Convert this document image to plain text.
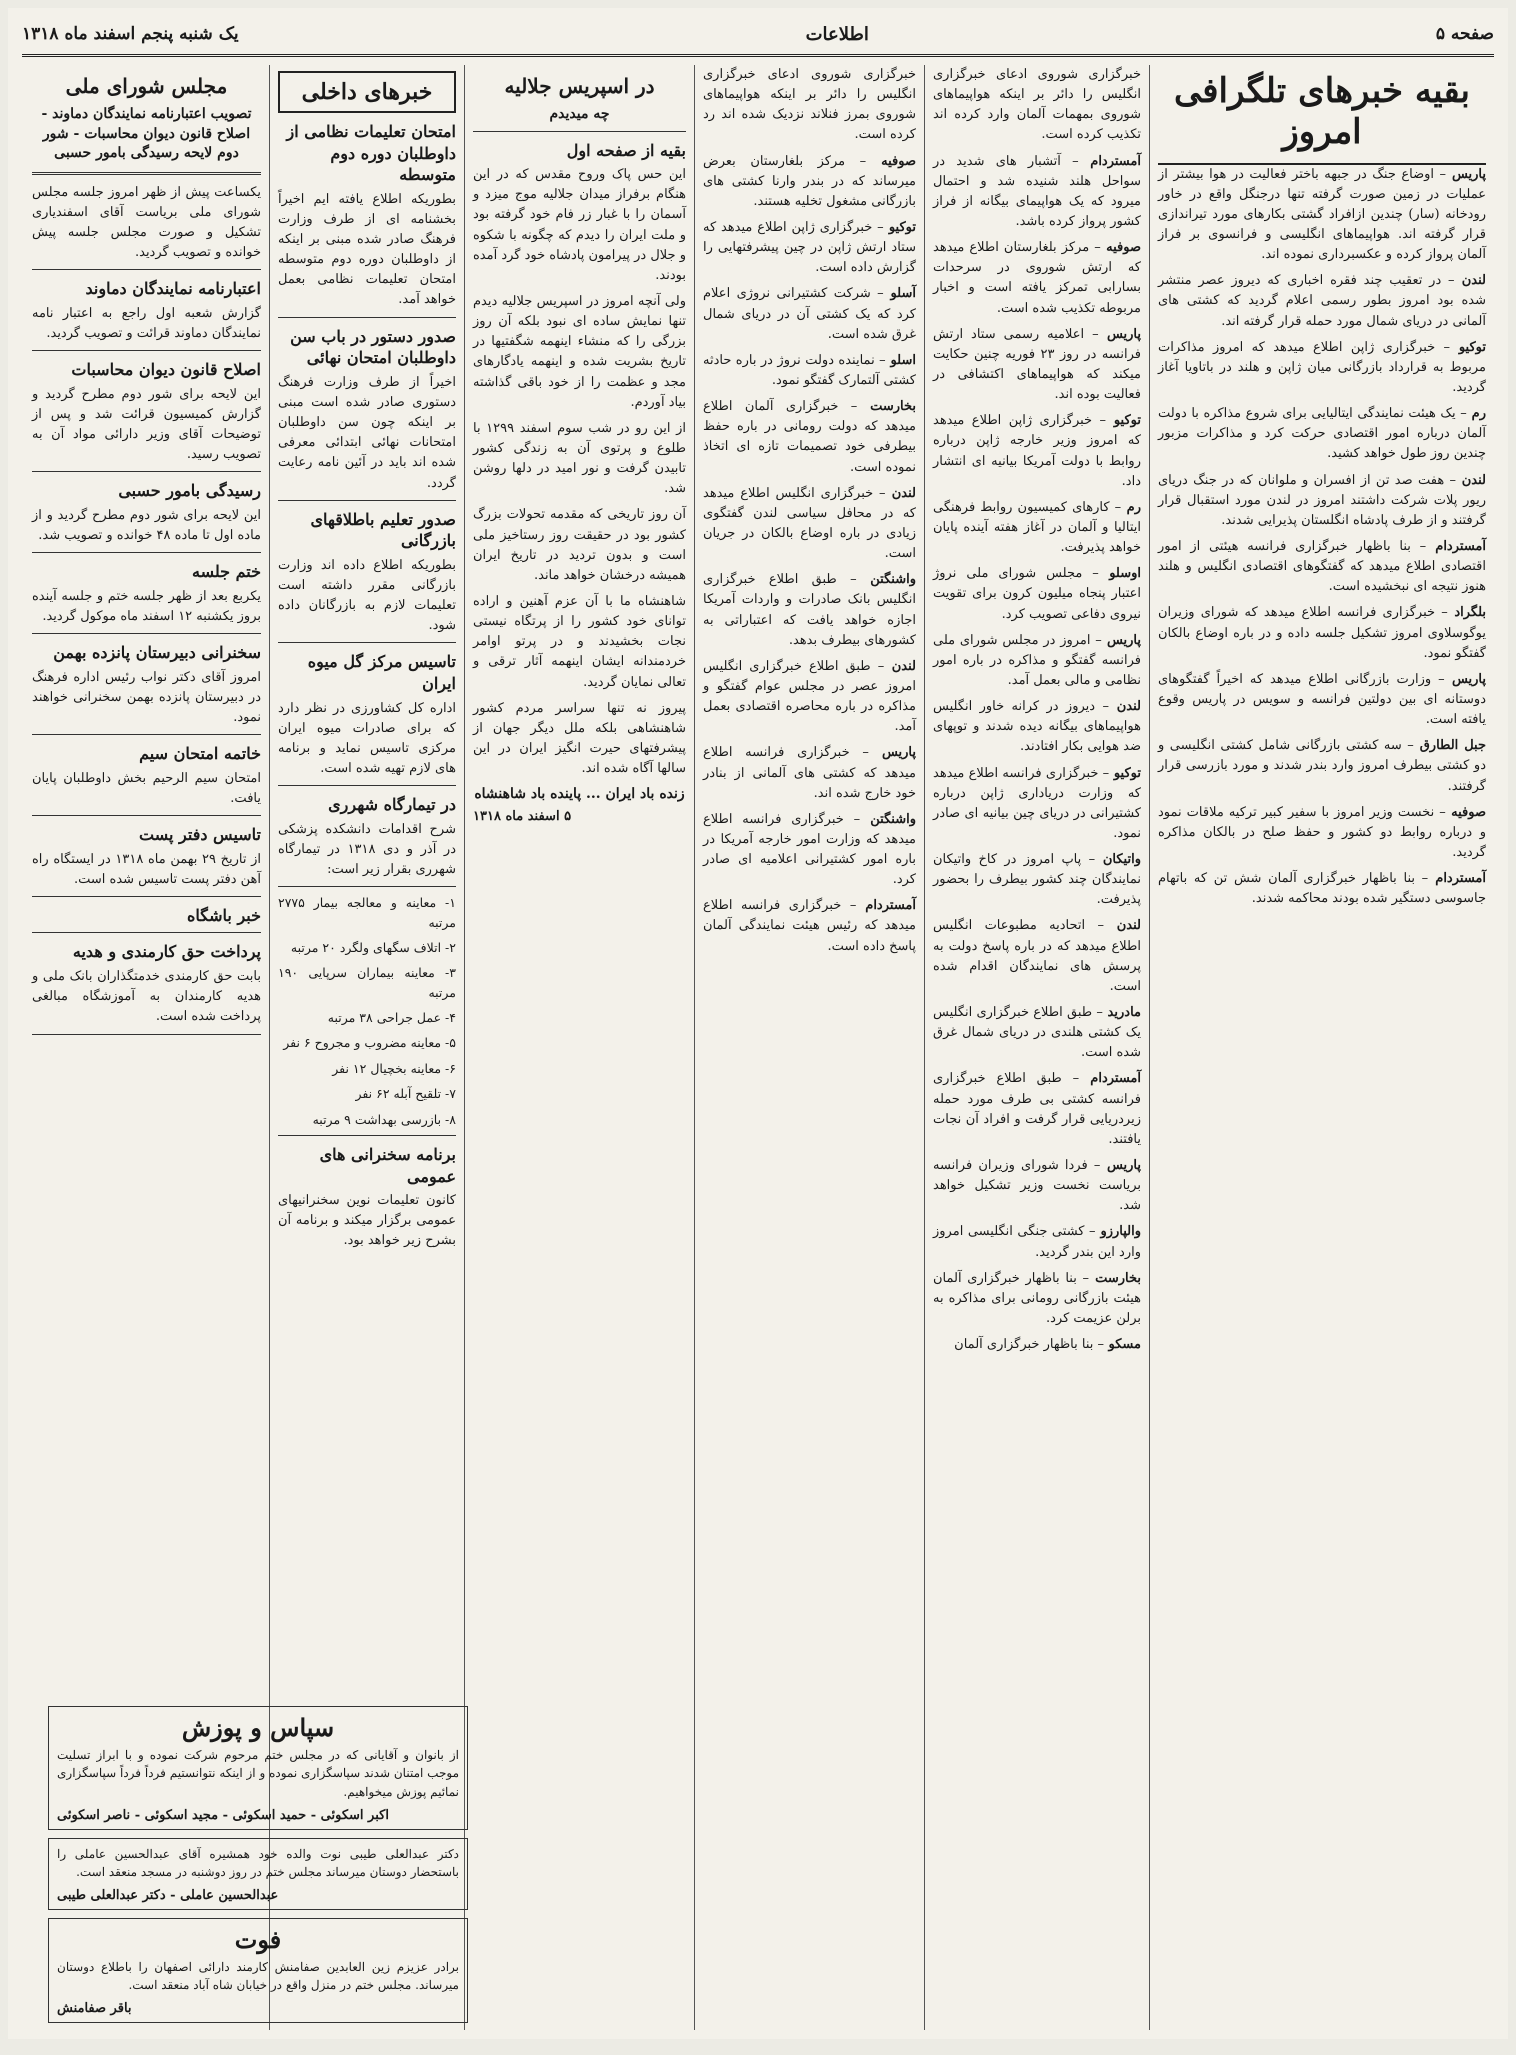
صفحه ۵
اطلاعات
یک شنبه پنجم اسفند ماه ۱۳۱۸
بقیه خبرهای تلگرافی امروز

پاریس – اوضاع جنگ در جبهه باختر فعالیت در هوا بیشتر از عملیات در زمین صورت گرفته تنها درجنگل واقع در خاور رودخانه (سار) چندین ازافراد گشتی بکارهای مورد تیراندازی قرار گرفته اند. هواپیماهای انگلیسی و فرانسوی بر فراز آلمان پرواز کرده و عکسبرداری نموده اند.

لندن – در تعقیب چند فقره اخباری که دیروز عصر منتشر شده بود امروز بطور رسمی اعلام گردید که کشتی های آلمانی در دریای شمال مورد حمله قرار گرفته اند.

توکیو – خبرگزاری ژاپن اطلاع میدهد که امروز مذاکرات مربوط به قرارداد بازرگانی میان ژاپن و هلند در باتاویا آغاز گردید.

رم – یک هیئت نمایندگی ایتالیایی برای شروع مذاکره با دولت آلمان درباره امور اقتصادی حرکت کرد و مذاکرات مزبور چندین روز طول خواهد کشید.

لندن – هفت صد تن از افسران و ملوانان که در جنگ دریای ریور پلات شرکت داشتند امروز در لندن مورد استقبال قرار گرفتند و از طرف پادشاه انگلستان پذیرایی شدند.

آمستردام – بنا باظهار خبرگزاری فرانسه هیئتی از امور اقتصادی اطلاع میدهد که گفتگوهای اقتصادی انگلیس و هلند هنوز نتیجه ای نبخشیده است.

بلگراد – خبرگزاری فرانسه اطلاع میدهد که شورای وزیران یوگوسلاوی امروز تشکیل جلسه داده و در باره اوضاع بالکان گفتگو نمود.

پاریس – وزارت بازرگانی اطلاع میدهد که اخیراً گفتگوهای دوستانه ای بین دولتین فرانسه و سویس در پاریس وقوع یافته است.

جبل الطارق – سه کشتی بازرگانی شامل کشتی انگلیسی و دو کشتی بیطرف امروز وارد بندر شدند و مورد بازرسی قرار گرفتند.

صوفیه – نخست وزیر امروز با سفیر کبیر ترکیه ملاقات نمود و درباره روابط دو کشور و حفظ صلح در بالکان مذاکره گردید.

آمستردام – بنا باظهار خبرگزاری آلمان شش تن که باتهام جاسوسی دستگیر شده بودند محاکمه شدند.

خبرگزاری شوروی ادعای خبرگزاری انگلیس را دائر بر اینکه هواپیماهای شوروی بمهمات آلمان وارد کرده اند تکذیب کرده است.

آمستردام – آتشبار های شدید در سواحل هلند شنیده شد و احتمال میرود که یک هواپیمای بیگانه از فراز کشور پرواز کرده باشد.

صوفیه – مرکز بلغارستان اطلاع میدهد که ارتش شوروی در سرحدات بسارابی تمرکز یافته است و اخبار مربوطه تکذیب شده است.

پاریس – اعلامیه رسمی ستاد ارتش فرانسه در روز ۲۳ فوریه چنین حکایت میکند که هواپیماهای اکتشافی در فعالیت بوده اند.

توکیو – خبرگزاری ژاپن اطلاع میدهد که امروز وزیر خارجه ژاپن درباره روابط با دولت آمریکا بیانیه ای انتشار داد.

رم – کارهای کمیسیون روابط فرهنگی ایتالیا و آلمان در آغاز هفته آینده پایان خواهد پذیرفت.

اوسلو – مجلس شورای ملی نروژ اعتبار پنجاه میلیون کرون برای تقویت نیروی دفاعی تصویب کرد.

پاریس – امروز در مجلس شورای ملی فرانسه گفتگو و مذاکره در باره امور نظامی و مالی بعمل آمد.

لندن – دیروز در کرانه خاور انگلیس هواپیماهای بیگانه دیده شدند و توپهای ضد هوایی بکار افتادند.

توکیو – خبرگزاری فرانسه اطلاع میدهد که وزارت دریاداری ژاپن درباره کشتیرانی در دریای چین بیانیه ای صادر نمود.

واتیکان – پاپ امروز در کاخ واتیکان نمایندگان چند کشور بیطرف را بحضور پذیرفت.

لندن – اتحادیه مطبوعات انگلیس اطلاع میدهد که در باره پاسخ دولت به پرسش های نمایندگان اقدام شده است.

مادرید – طبق اطلاع خبرگزاری انگلیس یک کشتی هلندی در دریای شمال غرق شده است.

آمستردام – طبق اطلاع خبرگزاری فرانسه کشتی بی طرف مورد حمله زیردریایی قرار گرفت و افراد آن نجات یافتند.

پاریس – فردا شورای وزیران فرانسه بریاست نخست وزیر تشکیل خواهد شد.

والپارزو – کشتی جنگی انگلیسی امروز وارد این بندر گردید.

بخارست – بنا باظهار خبرگزاری آلمان هیئت بازرگانی رومانی برای مذاکره به برلن عزیمت کرد.

مسکو – بنا باظهار خبرگزاری آلمان

خبرگزاری شوروی ادعای خبرگزاری انگلیس را دائر بر اینکه هواپیماهای شوروی بمرز فنلاند نزدیک شده اند رد کرده است.

صوفیه – مرکز بلغارستان بعرض میرساند که در بندر وارنا کشتی های بازرگانی مشغول تخلیه هستند.

توکیو – خبرگزاری ژاپن اطلاع میدهد که ستاد ارتش ژاپن در چین پیشرفتهایی را گزارش داده است.

آسلو – شرکت کشتیرانی نروژی اعلام کرد که یک کشتی آن در دریای شمال غرق شده است.

اسلو – نماینده دولت نروژ در باره حادثه کشتی آلتمارک گفتگو نمود.

بخارست – خبرگزاری آلمان اطلاع میدهد که دولت رومانی در باره حفظ بیطرفی خود تصمیمات تازه ای اتخاذ نموده است.

لندن – خبرگزاری انگلیس اطلاع میدهد که در محافل سیاسی لندن گفتگوی زیادی در باره اوضاع بالکان در جریان است.

واشنگتن – طبق اطلاع خبرگزاری انگلیس بانک صادرات و واردات آمریکا اجازه خواهد یافت که اعتباراتی به کشورهای بیطرف بدهد.

لندن – طبق اطلاع خبرگزاری انگلیس امروز عصر در مجلس عوام گفتگو و مذاکره در باره محاصره اقتصادی بعمل آمد.

پاریس – خبرگزاری فرانسه اطلاع میدهد که کشتی های آلمانی از بنادر خود خارج شده اند.

واشنگتن – خبرگزاری فرانسه اطلاع میدهد که وزارت امور خارجه آمریکا در باره امور کشتیرانی اعلامیه ای صادر کرد.

آمستردام – خبرگزاری فرانسه اطلاع میدهد که رئیس هیئت نمایندگی آلمان پاسخ داده است.

در اسپریس جلالیه
چه میدیدم
بقیه از صفحه اول

این حس پاک وروح مقدس که در این هنگام برفراز میدان جلالیه موج میزد و آسمان را با غبار زر فام خود گرفته بود و ملت ایران را دیدم که چگونه با شکوه و جلال در پیرامون پادشاه خود گرد آمده بودند.

ولی آنچه امروز در اسپریس جلالیه دیدم تنها نمایش ساده ای نبود بلکه آن روز بزرگی را که منشاء اینهمه شگفتیها در تاریخ بشریت شده و اینهمه یادگارهای مجد و عظمت را از خود باقی گذاشته بیاد آوردم.

از این رو در شب سوم اسفند ۱۲۹۹ با طلوع و پرتوی آن به زندگی کشور تابیدن گرفت و نور امید در دلها روشن شد.

آن روز تاریخی که مقدمه تحولات بزرگ کشور بود در حقیقت روز رستاخیز ملی است و بدون تردید در تاریخ ایران همیشه درخشان خواهد ماند.

شاهنشاه ما با آن عزم آهنین و اراده توانای خود کشور را از پرتگاه نیستی نجات بخشیدند و در پرتو اوامر خردمندانه ایشان اینهمه آثار ترقی و تعالی نمایان گردید.

پیروز نه تنها سراسر مردم کشور شاهنشاهی بلکه ملل دیگر جهان از پیشرفتهای حیرت انگیز ایران در این سالها آگاه شده اند.

زنده باد ایران ... پاینده باد شاهنشاه
۵ اسفند ماه ۱۳۱۸
خبرهای داخلی
امتحان تعلیمات نظامی از داوطلبان دوره دوم متوسطه

بطوریکه اطلاع یافته ایم اخیراً بخشنامه ای از طرف وزارت فرهنگ صادر شده مبنی بر اینکه از داوطلبان دوره دوم متوسطه امتحان تعلیمات نظامی بعمل خواهد آمد.

صدور دستور در باب سن داوطلبان امتحان نهائی

اخیراً از طرف وزارت فرهنگ دستوری صادر شده است مبنی بر اینکه چون سن داوطلبان امتحانات نهائی ابتدائی معرفی شده اند باید در آئین نامه رعایت گردد.

صدور تعلیم باطلاقهای بازرگانی

بطوریکه اطلاع داده اند وزارت بازرگانی مقرر داشته است تعلیمات لازم به بازرگانان داده شود.

تاسیس مرکز گل میوه ایران

اداره کل کشاورزی در نظر دارد که برای صادرات میوه ایران مرکزی تاسیس نماید و برنامه های لازم تهیه شده است.

در تیمارگاه شهرری

شرح اقدامات دانشکده پزشکی در آذر و دی ۱۳۱۸ در تیمارگاه شهرری بقرار زیر است:

۱- معاینه و معالجه بیمار ۲۷۷۵ مرتبه

۲- اتلاف سگهای ولگرد ۲۰ مرتبه

۳- معاینه بیماران سرپایی ۱۹۰ مرتبه

۴- عمل جراحی ۳۸ مرتبه

۵- معاینه مضروب و مجروح ۶ نفر

۶- معاینه بخچیال ۱۲ نفر

۷- تلقیح آبله ۶۲ نفر

۸- بازرسی بهداشت ۹ مرتبه

برنامه سخنرانی های عمومی

کانون تعلیمات نوین سخنرانیهای عمومی برگزار میکند و برنامه آن بشرح زیر خواهد بود.

مجلس شورای ملی
تصویب اعتبارنامه نمایندگان دماوند - اصلاح قانون دیوان محاسبات - شور دوم لایحه رسیدگی بامور حسبی

یکساعت پیش از ظهر امروز جلسه مجلس شورای ملی بریاست آقای اسفندیاری تشکیل و صورت مجلس جلسه پیش خوانده و تصویب گردید.

اعتبارنامه نمایندگان دماوند

گزارش شعبه اول راجع به اعتبار نامه نمایندگان دماوند قرائت و تصویب گردید.

اصلاح قانون دیوان محاسبات

این لایحه برای شور دوم مطرح گردید و گزارش کمیسیون قرائت شد و پس از توضیحات آقای وزیر دارائی مواد آن به تصویب رسید.

رسیدگی بامور حسبی

این لایحه برای شور دوم مطرح گردید و از ماده اول تا ماده ۴۸ خوانده و تصویب شد.

ختم جلسه

یکربع بعد از ظهر جلسه ختم و جلسه آینده بروز یکشنبه ۱۲ اسفند ماه موکول گردید.

سخنرانی دبیرستان پانزده بهمن

امروز آقای دکتر نواب رئیس اداره فرهنگ در دبیرستان پانزده بهمن سخنرانی خواهند نمود.

خاتمه امتحان سیم

امتحان سیم الرحیم بخش داوطلبان پایان یافت.

تاسیس دفتر پست

از تاریخ ۲۹ بهمن ماه ۱۳۱۸ در ایستگاه راه آهن دفتر پست تاسیس شده است.

خبر باشگاه
پرداخت حق کارمندی و هدیه

بابت حق کارمندی خدمتگذاران بانک ملی و هدیه کارمندان به آموزشگاه مبالغی پرداخت شده است.

سپاس و پوزش

از بانوان و آقایانی که در مجلس ختم مرحوم شرکت نموده و با ابراز تسلیت موجب امتنان شدند سپاسگزاری نموده و از اینکه نتوانستیم فرداً فرداً سپاسگزاری نمائیم پوزش میخواهیم.

اکبر اسکوئی - حمید اسکوئی - مجید اسکوئی - ناصر اسکوئی

دکتر عبدالعلی طیبی نوت والده خود همشیره آقای عبدالحسین عاملی را باستحضار دوستان میرساند مجلس ختم در روز دوشنبه در مسجد منعقد است.

عبدالحسین عاملی - دکتر عبدالعلی طیبی
فوت

برادر عزیزم زین العابدین صفامنش کارمند دارائی اصفهان را باطلاع دوستان میرساند. مجلس ختم در منزل واقع در خیابان شاه آباد منعقد است.

باقر صفامنش
